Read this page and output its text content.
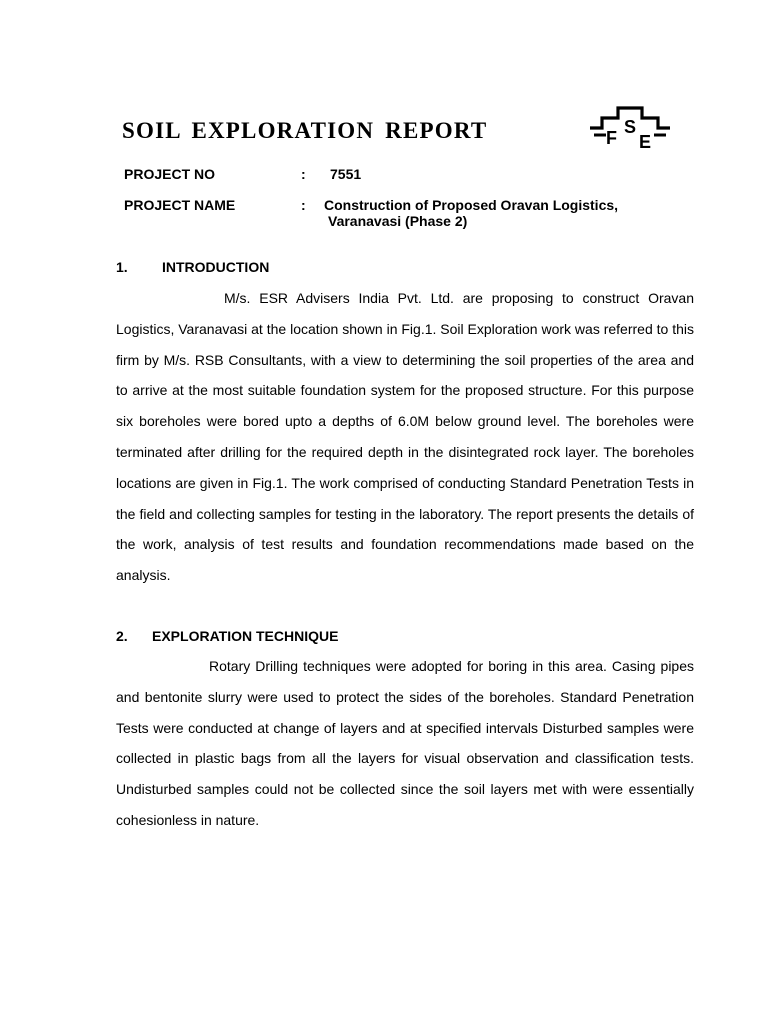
SOIL EXPLORATION REPORT	F
S
E
PROJECT NO	: 7551
PROJECT NAME	: Construction of Proposed Oravan Logistics,
Varanavasi (Phase 2)
1. INTRODUCTION
M/s. ESR Advisers India Pvt. Ltd. are proposing to construct Oravan Logistics, Varanavasi at the location shown in Fig.1. Soil Exploration work was referred to this firm by M/s. RSB Consultants, with a view to determining the soil properties of the area and to arrive at the most suitable foundation system for the proposed structure. For this purpose six boreholes were bored upto a depths of 6.0M below ground level. The boreholes were terminated after drilling for the required depth in the disintegrated rock layer. The boreholes locations are given in Fig.1. The work comprised of conducting Standard Penetration Tests in the field and collecting samples for testing in the laboratory. The report presents the details of the work, analysis of test results and foundation recommendations made based on the analysis.
2. EXPLORATION TECHNIQUE
Rotary Drilling techniques were adopted for boring in this area. Casing pipes and bentonite slurry were used to protect the sides of the boreholes. Standard Penetration Tests were conducted at change of layers and at specified intervals Disturbed samples were collected in plastic bags from all the layers for visual observation and classification tests. Undisturbed samples could not be collected since the soil layers met with were essentially cohesionless in nature.
